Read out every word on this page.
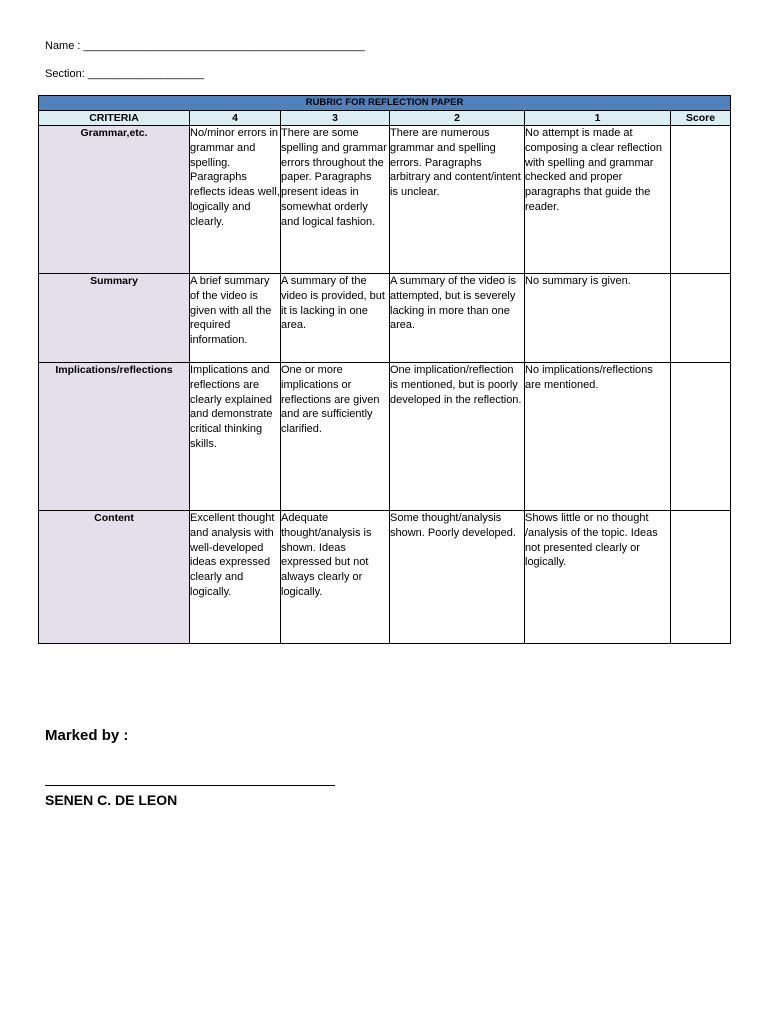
Name : ______________________________________________
Section: ___________________
RUBRIC FOR REFLECTION PAPER					
CRITERIA	4	3	2	1	Score
Grammar,etc.	No/minor errors in grammar and spelling. Paragraphs reflects ideas well, logically and clearly.	There are some spelling and grammar errors throughout the paper. Paragraphs present ideas in somewhat orderly and logical fashion.	There are numerous grammar and spelling errors. Paragraphs arbitrary and content/intent is unclear.	No attempt is made at composing a clear reflection with spelling and grammar checked and proper paragraphs that guide the reader.	
Summary	A brief summary of the video is given with all the required information.	A summary of the video is provided, but it is lacking in one area.	A summary of the video is attempted, but is severely lacking in more than one area.	No summary is given.	
Implications/reflections	Implications and reflections are clearly explained and demonstrate critical thinking skills.	One or more implications or reflections are given and are sufficiently clarified.	One implication/reflection is mentioned, but is poorly developed in the reflection.	No implications/reflections are mentioned.	
Content	Excellent thought and analysis with well-developed ideas expressed clearly and logically.	Adequate thought/analysis is shown. Ideas expressed but not always clearly or logically.	Some thought/analysis shown. Poorly developed.	Shows little or no thought /analysis of the topic. Ideas not presented clearly or logically.	
Marked by :
SENEN C. DE LEON
